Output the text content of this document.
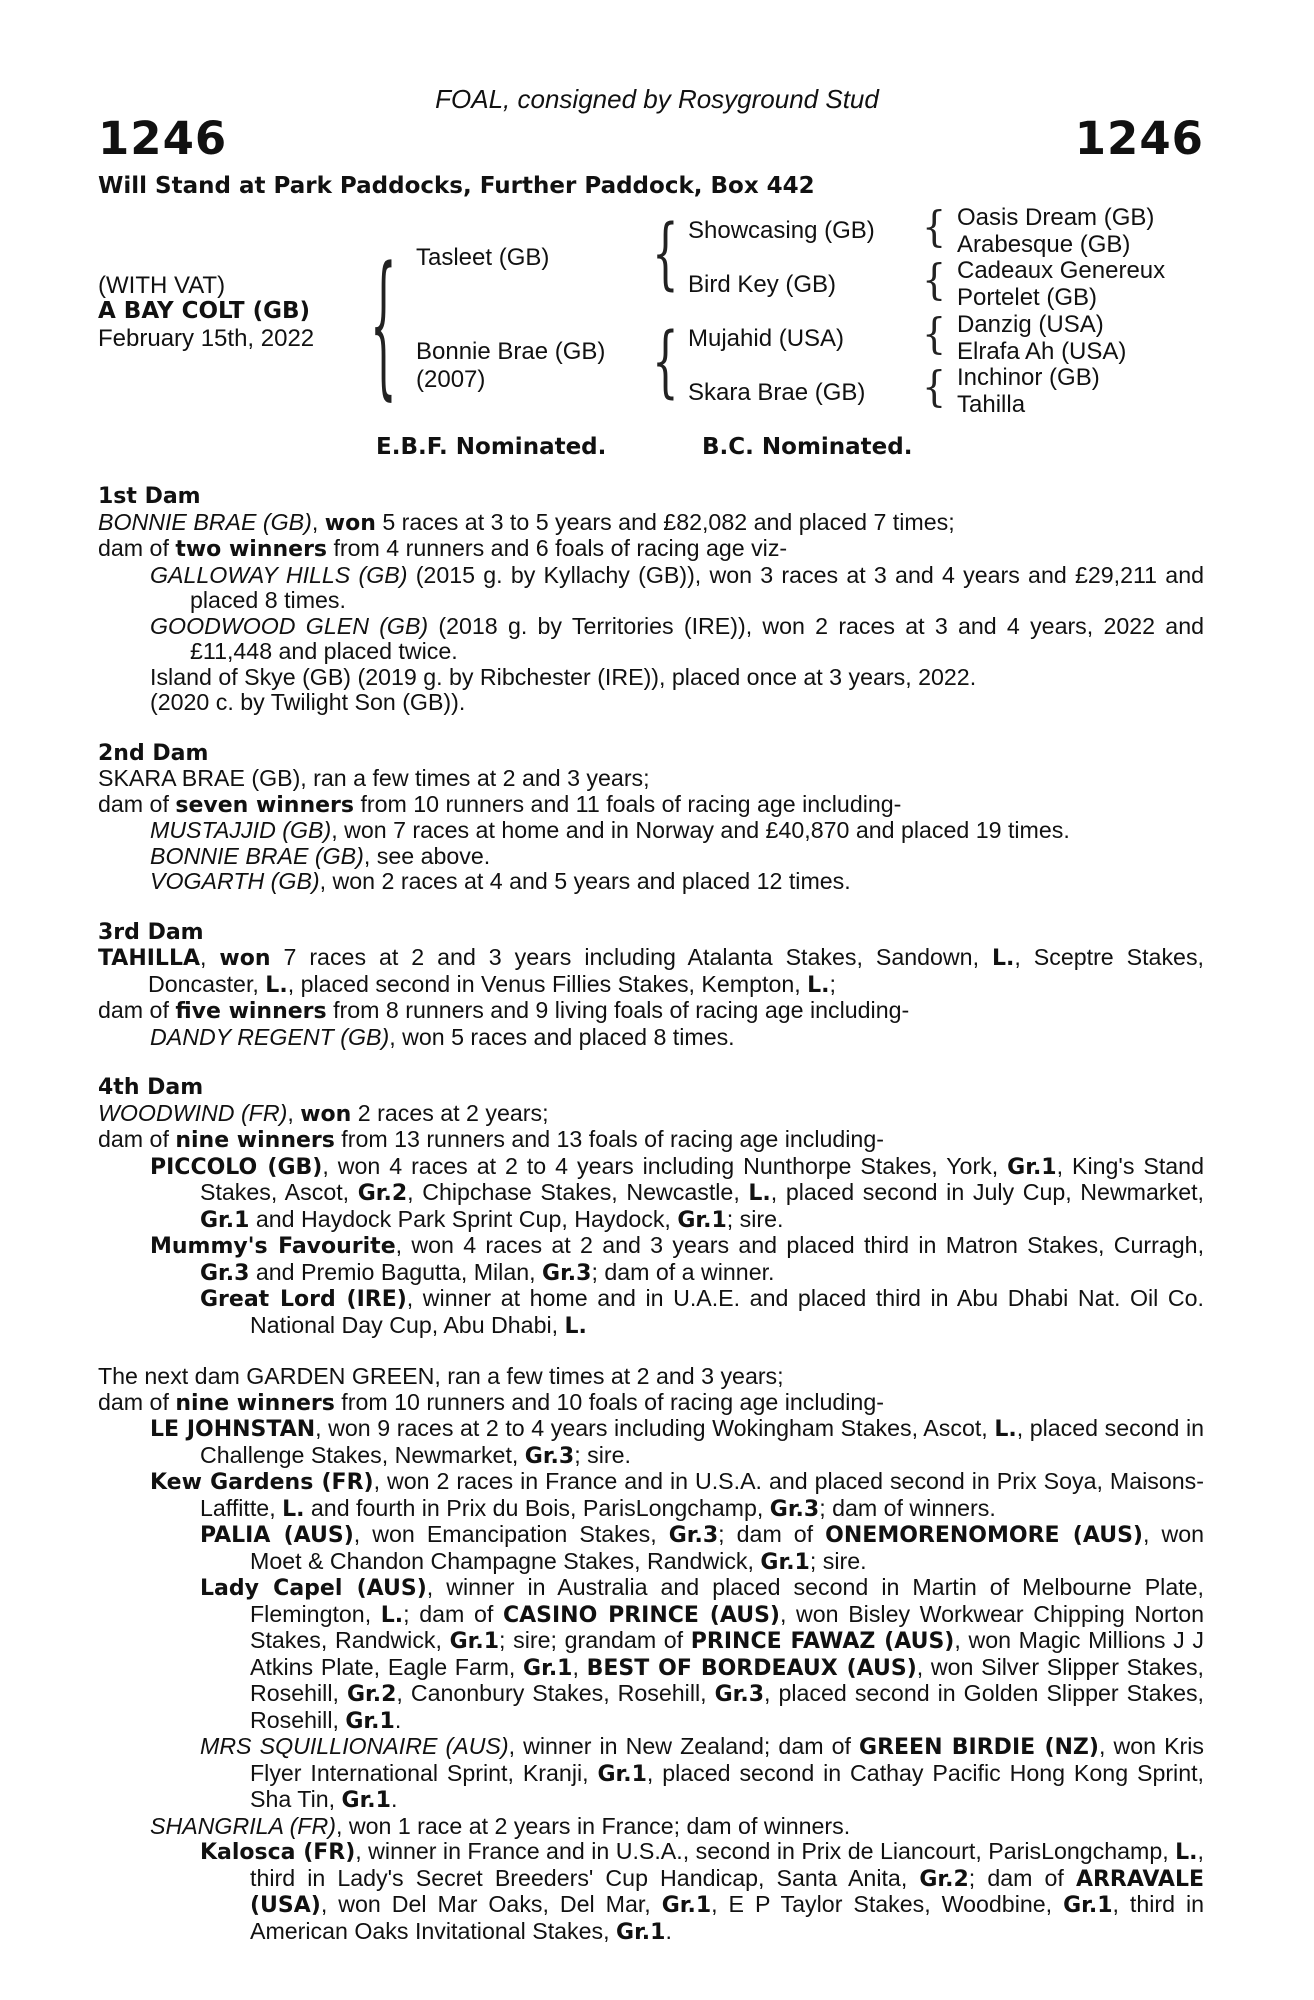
FOAL, consigned by Rosyground Stud
1246	1246
Will Stand at Park Paddocks, Further Paddock, Box 442
(WITH VAT)
A BAY COLT (GB)
February 15th, 2022 { Tasleet (GB)
Bonnie Brae (GB)
(2007)
{ Showcasing (GB)
Bird Key (GB)
{ Mujahid (USA)
Skara Brae (GB)
{ Oasis Dream (GB)
Arabesque (GB)
{ Cadeaux Genereux
Portelet (GB)
{ Danzig (USA)
Elrafa Ah (USA)
{ Inchinor (GB)
Tahilla
E.B.F. Nominated.	B.C. Nominated.
1st Dam
BONNIE BRAE (GB), won 5 races at 3 to 5 years and £82,082 and placed 7 times;
dam of two winners from 4 runners and 6 foals of racing age viz-
GALLOWAY HILLS (GB) (2015 g. by Kyllachy (GB)), won 3 races at 3 and 4 years and £29,211 and placed 8 times.
GOODWOOD GLEN (GB) (2018 g. by Territories (IRE)), won 2 races at 3 and 4 years, 2022 and £11,448 and placed twice.
Island of Skye (GB) (2019 g. by Ribchester (IRE)), placed once at 3 years, 2022.
(2020 c. by Twilight Son (GB)).
2nd Dam
SKARA BRAE (GB), ran a few times at 2 and 3 years;
dam of seven winners from 10 runners and 11 foals of racing age including-
MUSTAJJID (GB), won 7 races at home and in Norway and £40,870 and placed 19 times.
BONNIE BRAE (GB), see above.
VOGARTH (GB), won 2 races at 4 and 5 years and placed 12 times.
3rd Dam
TAHILLA, won 7 races at 2 and 3 years including Atalanta Stakes, Sandown, L., Sceptre Stakes, Doncaster, L., placed second in Venus Fillies Stakes, Kempton, L.;
dam of five winners from 8 runners and 9 living foals of racing age including-
DANDY REGENT (GB), won 5 races and placed 8 times.
4th Dam
WOODWIND (FR), won 2 races at 2 years;
dam of nine winners from 13 runners and 13 foals of racing age including-
PICCOLO (GB), won 4 races at 2 to 4 years including Nunthorpe Stakes, York, Gr.1, King's Stand Stakes, Ascot, Gr.2, Chipchase Stakes, Newcastle, L., placed second in July Cup, Newmarket, Gr.1 and Haydock Park Sprint Cup, Haydock, Gr.1; sire.
Mummy's Favourite, won 4 races at 2 and 3 years and placed third in Matron Stakes, Curragh, Gr.3 and Premio Bagutta, Milan, Gr.3; dam of a winner.
Great Lord (IRE), winner at home and in U.A.E. and placed third in Abu Dhabi Nat. Oil Co. National Day Cup, Abu Dhabi, L.
The next dam GARDEN GREEN, ran a few times at 2 and 3 years;
dam of nine winners from 10 runners and 10 foals of racing age including-
LE JOHNSTAN, won 9 races at 2 to 4 years including Wokingham Stakes, Ascot, L., placed second in Challenge Stakes, Newmarket, Gr.3; sire.
Kew Gardens (FR), won 2 races in France and in U.S.A. and placed second in Prix Soya, Maisons-Laffitte, L. and fourth in Prix du Bois, ParisLongchamp, Gr.3; dam of winners.
PALIA (AUS), won Emancipation Stakes, Gr.3; dam of ONEMORENOMORE (AUS), won Moet & Chandon Champagne Stakes, Randwick, Gr.1; sire.
Lady Capel (AUS), winner in Australia and placed second in Martin of Melbourne Plate, Flemington, L.; dam of CASINO PRINCE (AUS), won Bisley Workwear Chipping Norton Stakes, Randwick, Gr.1; sire; grandam of PRINCE FAWAZ (AUS), won Magic Millions J J Atkins Plate, Eagle Farm, Gr.1, BEST OF BORDEAUX (AUS), won Silver Slipper Stakes, Rosehill, Gr.2, Canonbury Stakes, Rosehill, Gr.3, placed second in Golden Slipper Stakes, Rosehill, Gr.1.
MRS SQUILLIONAIRE (AUS), winner in New Zealand; dam of GREEN BIRDIE (NZ), won Kris Flyer International Sprint, Kranji, Gr.1, placed second in Cathay Pacific Hong Kong Sprint, Sha Tin, Gr.1.
SHANGRILA (FR), won 1 race at 2 years in France; dam of winners.
Kalosca (FR), winner in France and in U.S.A., second in Prix de Liancourt, ParisLongchamp, L., third in Lady's Secret Breeders' Cup Handicap, Santa Anita, Gr.2; dam of ARRAVALE (USA), won Del Mar Oaks, Del Mar, Gr.1, E P Taylor Stakes, Woodbine, Gr.1, third in American Oaks Invitational Stakes, Gr.1.
